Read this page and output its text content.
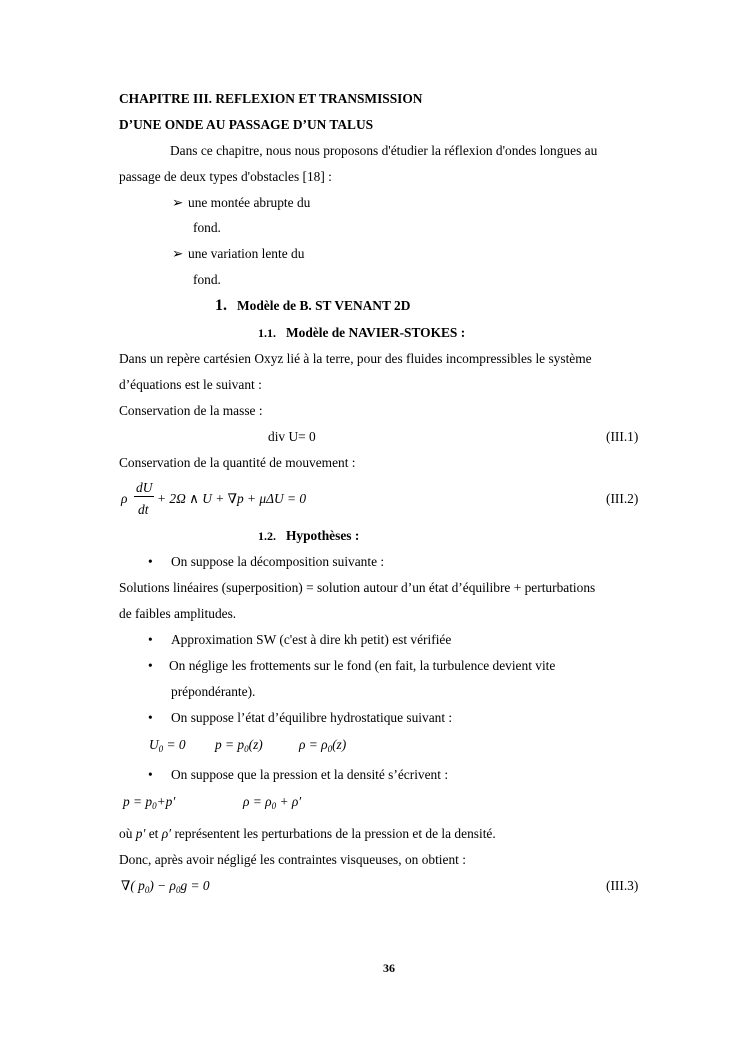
CHAPITRE III. REFLEXION ET TRANSMISSION
D’UNE ONDE AU PASSAGE D’UN TALUS
Dans ce chapitre, nous nous proposons d'étudier la réflexion d'ondes longues au
passage de deux types d'obstacles [18] :
➢ une montée abrupte du
fond.
➢ une variation lente du
fond.
1. Modèle de B. ST VENANT 2D
1.1. Modèle de NAVIER-STOKES :
Dans un repère cartésien Oxyz lié à la terre, pour des fluides incompressibles le système
d’équations est le suivant :
Conservation de la masse :
div U= 0	(III.1)
Conservation de la quantité de mouvement :
ρ
dU
dt
+ 2Ω ∧ U + ∇p + μΔU = 0	(III.2)
1.2. Hypothèses :
• On suppose la décomposition suivante :
Solutions linéaires (superposition) = solution autour d’un état d’équilibre + perturbations
de faibles amplitudes.
• Approximation SW (c'est à dire kh petit) est vérifiée
• On néglige les frottements sur le fond (en fait, la turbulence devient vite
prépondérante).
• On suppose l’état d’équilibre hydrostatique suivant :
$U_0 = 0$ $p = p_0(z)$	$\rho = \rho_0(z)$
• On suppose que la pression et la densité s’écrivent :
$p = p_0+p'$	$\rho = \rho_0 + \rho'$
où p′ et ρ′ représentent les perturbations de la pression et de la densité.
Donc, après avoir négligé les contraintes visqueuses, on obtient :
∇( $p_0) - \rho_0g = 0$	(III.3)
36
